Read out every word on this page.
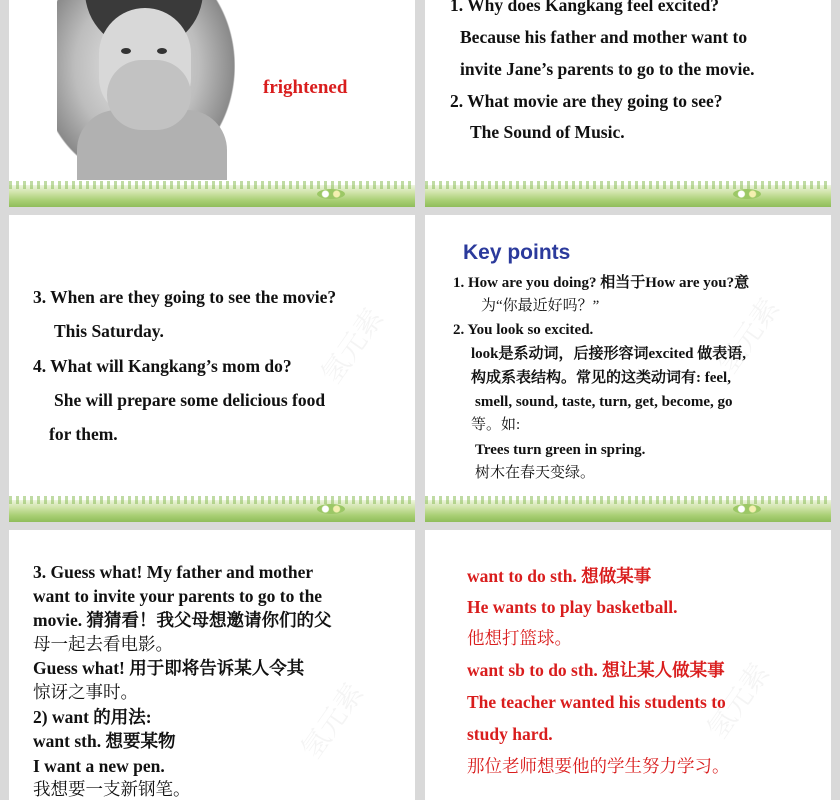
frightened
1. Why does Kangkang feel excited?
Because his father and mother want to
invite Jane’s parents to go to the movie.
2. What movie are they going to see?
The Sound of Music.
3. When are they going to see the movie?
This Saturday.
4. What will Kangkang’s mom do?
She will prepare some delicious food
for them.
Key points
1. How are you doing? 相当于How are you?意
为“你最近好吗？”
2. You look so excited.
look是系动词，后接形容词excited 做表语,
构成系表结构。常见的这类动词有: feel,
smell, sound, taste, turn, get, become, go
等。如:
Trees turn green in spring.
树木在春天变绿。
3. Guess what! My father and mother
want to invite your parents to go to the
movie. 猜猜看！我父母想邀请你们的父
母一起去看电影。
Guess what! 用于即将告诉某人令其
惊讶之事时。
2) want 的用法:
want sth. 想要某物
I want a new pen.
我想要一支新钢笔。
want to do sth. 想做某事
He wants to play basketball.
他想打篮球。
want sb to do sth. 想让某人做某事
The teacher wanted his students to
study hard.
那位老师想要他的学生努力学习。
